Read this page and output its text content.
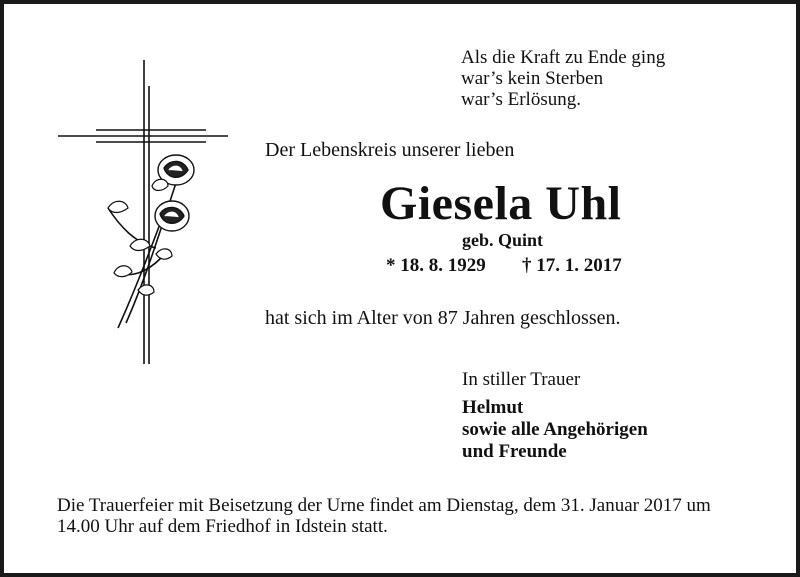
Als die Kraft zu Ende ging
war’s kein Sterben
war’s Erlösung.
Der Lebenskreis unserer lieben
Giesela Uhl
geb. Quint
* 18. 8. 1929 † 17. 1. 2017
hat sich im Alter von 87 Jahren geschlossen.
In stiller Trauer
Helmut
sowie alle Angehörigen
und Freunde
Die Trauerfeier mit Beisetzung der Urne findet am Dienstag, dem 31. Januar 2017 um 14.00 Uhr auf dem Friedhof in Idstein statt.
